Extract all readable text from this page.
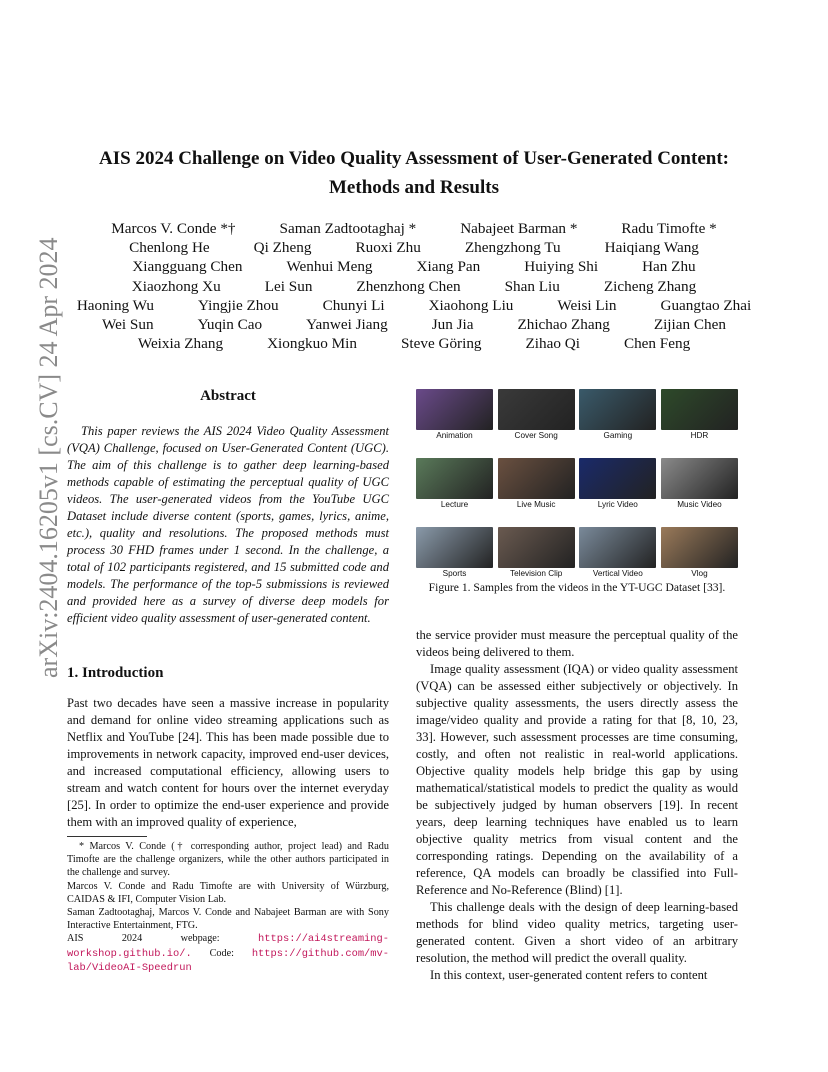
arXiv:2404.16205v1 [cs.CV] 24 Apr 2024
AIS 2024 Challenge on Video Quality Assessment of User-Generated Content:
Methods and Results
Marcos V. Conde *†	Saman Zadtootaghaj *	Nabajeet Barman *	Radu Timofte *
Chenlong He	Qi Zheng	Ruoxi Zhu	Zhengzhong Tu	Haiqiang Wang
Xiangguang Chen	Wenhui Meng	Xiang Pan	Huiying Shi	Han Zhu
Xiaozhong Xu	Lei Sun	Zhenzhong Chen	Shan Liu	Zicheng Zhang
Haoning Wu	Yingjie Zhou	Chunyi Li	Xiaohong Liu	Weisi Lin	Guangtao Zhai
Wei Sun	Yuqin Cao	Yanwei Jiang	Jun Jia	Zhichao Zhang	Zijian Chen
Weixia Zhang	Xiongkuo Min	Steve Göring	Zihao Qi	Chen Feng
Abstract

This paper reviews the AIS 2024 Video Quality Assessment (VQA) Challenge, focused on User-Generated Content (UGC). The aim of this challenge is to gather deep learning-based methods capable of estimating the perceptual quality of UGC videos. The user-generated videos from the YouTube UGC Dataset include diverse content (sports, games, lyrics, anime, etc.), quality and resolutions. The proposed methods must process 30 FHD frames under 1 second. In the challenge, a total of 102 participants registered, and 15 submitted code and models. The performance of the top-5 submissions is reviewed and provided here as a survey of diverse deep models for efficient video quality assessment of user-generated content.

1. Introduction

Past two decades have seen a massive increase in popularity and demand for online video streaming applications such as Netflix and YouTube [24]. This has been made possible due to improvements in network capacity, improved end-user devices, and increased computational efficiency, allowing users to stream and watch content for hours over the internet everyday [25]. In order to optimize the end-user experience and provide them with an improved quality of experience,

* Marcos V. Conde († corresponding author, project lead) and Radu Timofte are the challenge organizers, while the other authors participated in the challenge and survey.

Marcos V. Conde and Radu Timofte are with University of Würzburg, CAIDAS & IFI, Computer Vision Lab.

Saman Zadtootaghaj, Marcos V. Conde and Nabajeet Barman are with Sony Interactive Entertainment, FTG.

AIS 2024 webpage:	https://ai4streaming-workshop.github.io/. Code: https://github.com/mv-lab/VideoAI-Speedrun

Animation	Cover Song	Gaming	HDR
Lecture	Live Music	Lyric Video	Music Video
Sports	Television Clip	Vertical Video	Vlog

Figure 1. Samples from the videos in the YT-UGC Dataset [33].

the service provider must measure the perceptual quality of the videos being delivered to them.

Image quality assessment (IQA) or video quality assessment (VQA) can be assessed either subjectively or objectively. In subjective quality assessments, the users directly assess the image/video quality and provide a rating for that [8, 10, 23, 33]. However, such assessment processes are time consuming, costly, and often not realistic in real-world applications. Objective quality models help bridge this gap by using mathematical/statistical models to predict the quality as would be subjectively judged by human observers [19]. In recent years, deep learning techniques have enabled us to learn objective quality metrics from visual content and the corresponding ratings. Depending on the availability of a reference, QA models can broadly be classified into Full-Reference and No-Reference (Blind) [1].

This challenge deals with the design of deep learning-based methods for blind video quality metrics, targeting user-generated content. Given a short video of an arbitrary resolution, the method will predict the overall quality.

In this context, user-generated content refers to content
